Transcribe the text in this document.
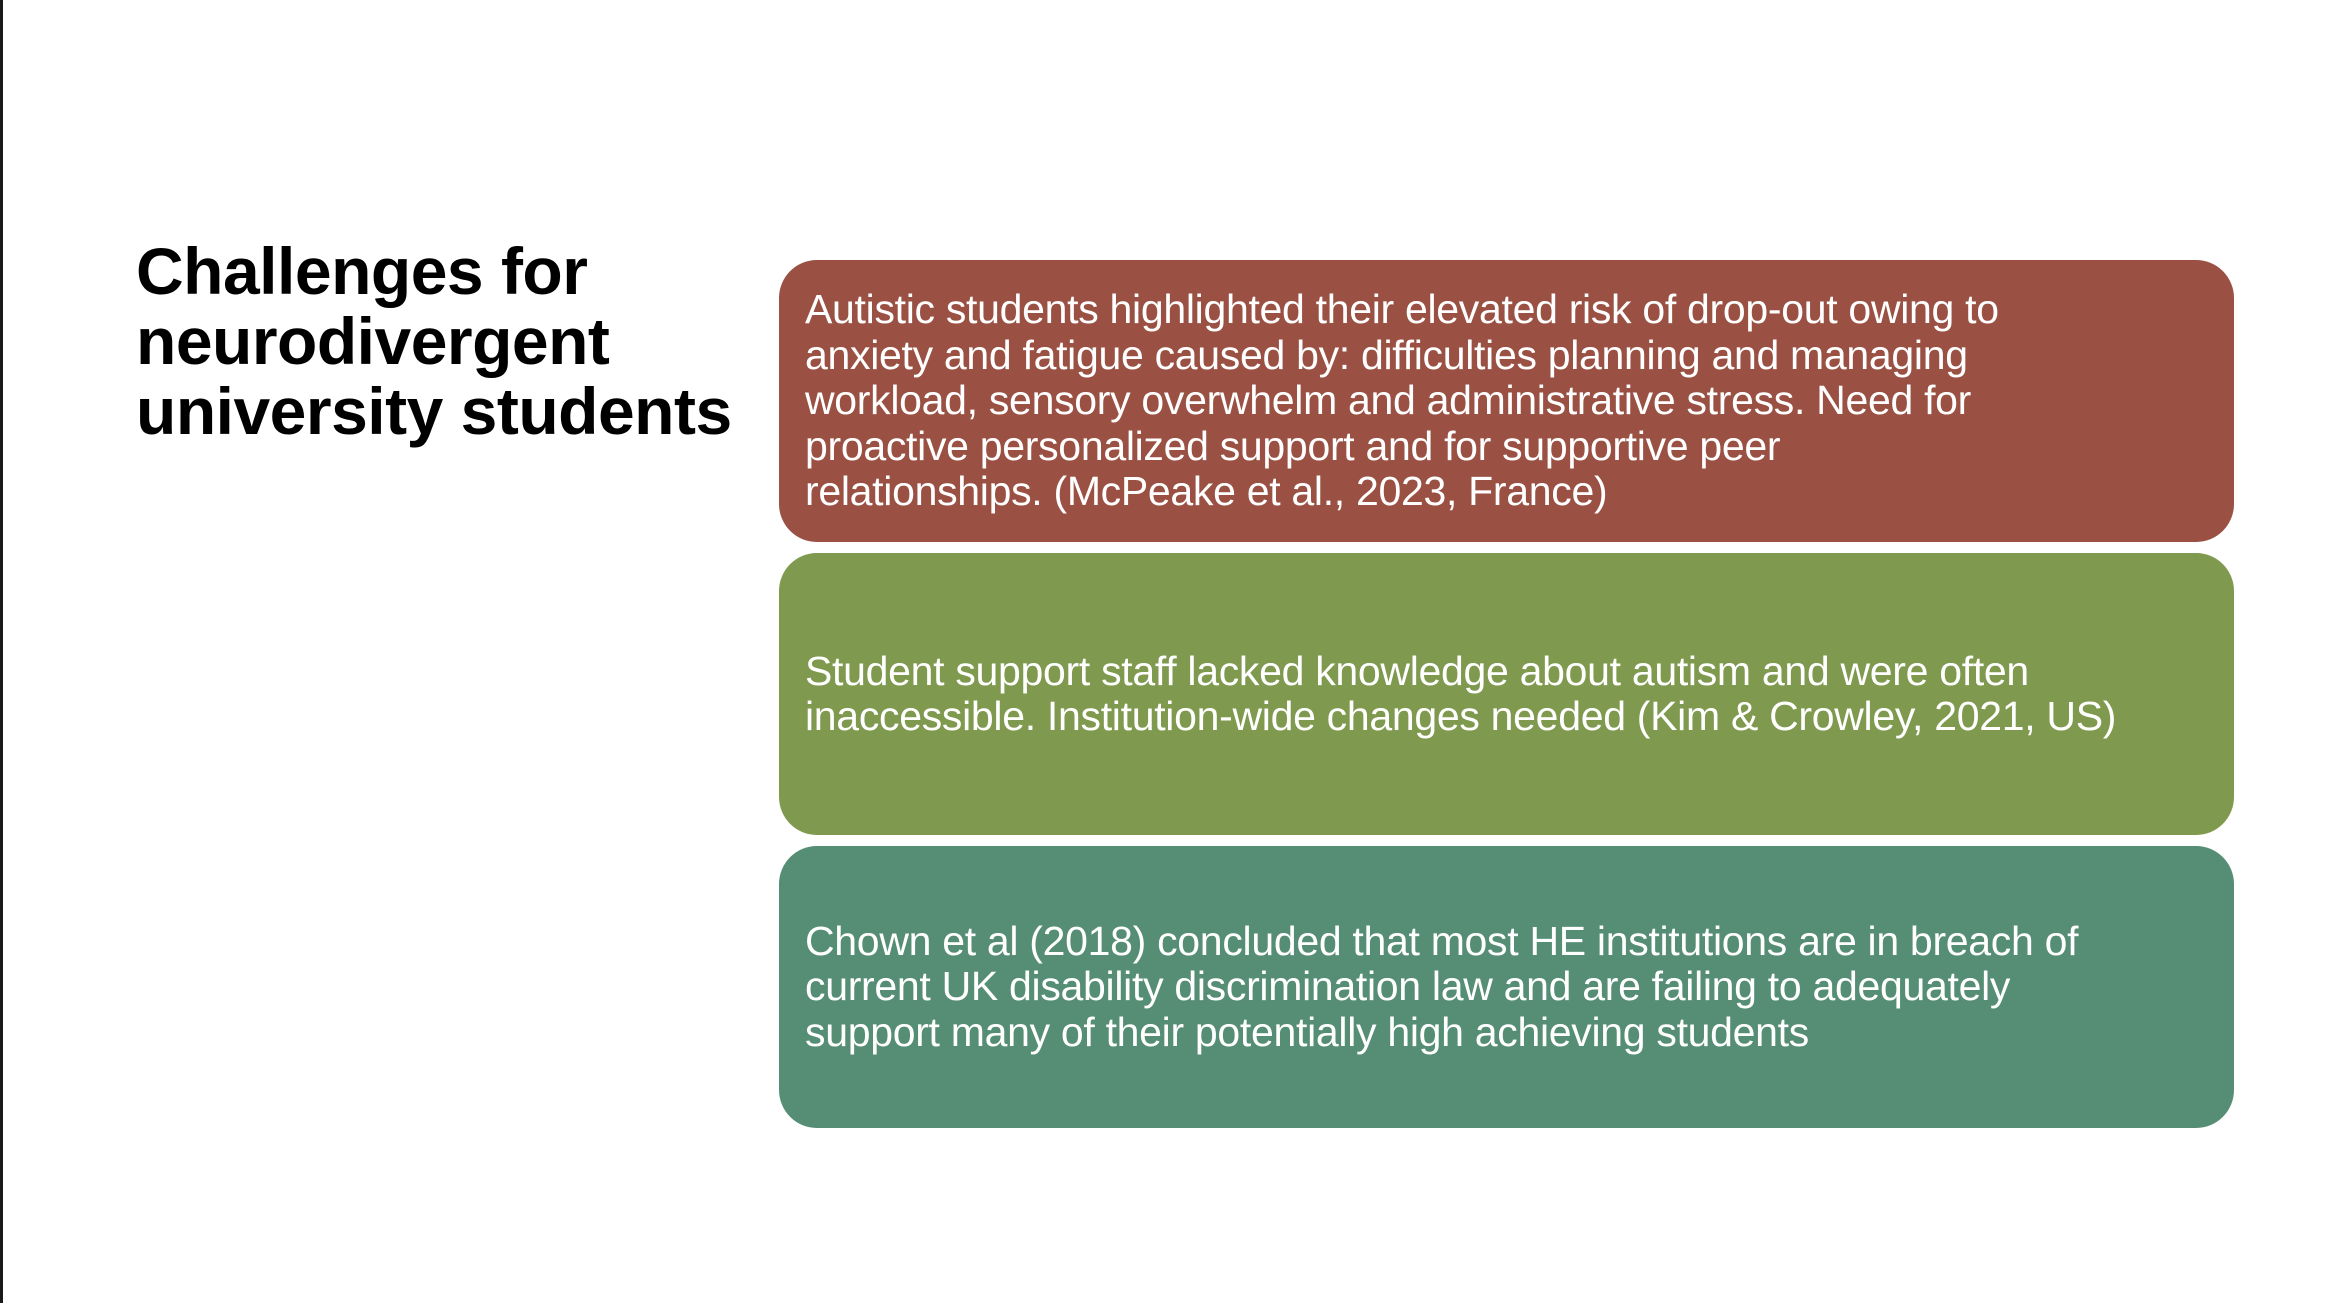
Challenges for neurodivergent university students
Autistic students highlighted their elevated risk of drop-out owing to
anxiety and fatigue caused by: difficulties planning and managing
workload, sensory overwhelm and administrative stress. Need for
proactive personalized support and for supportive peer
relationships. (McPeake et al., 2023, France)
Student support staff lacked knowledge about autism and were often
inaccessible. Institution-wide changes needed (Kim & Crowley, 2021, US)
Chown et al (2018) concluded that most HE institutions are in breach of
current UK disability discrimination law and are failing to adequately
support many of their potentially high achieving students
